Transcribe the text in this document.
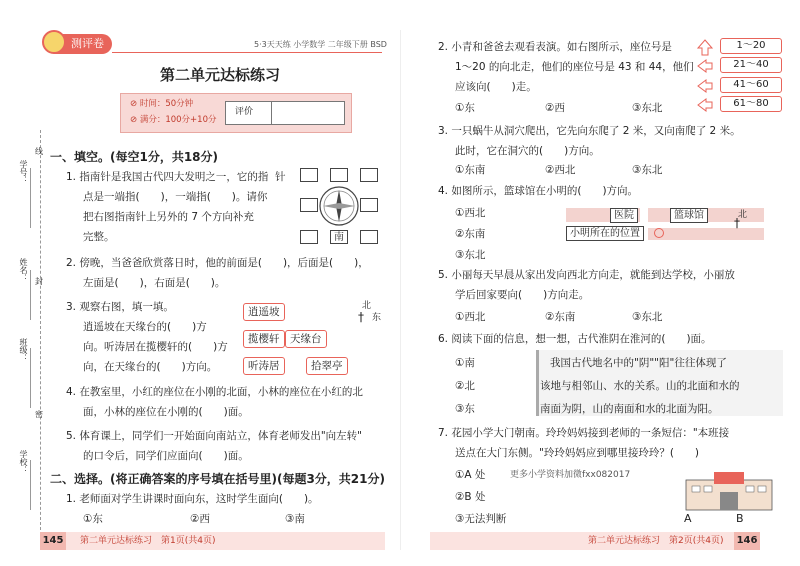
测评卷	5·3天天练 小学数学 二年级下册 BSD
第二单元达标练习
⊘ 时间：50分钟
⊘ 满分：100分+10分
评价
学号：
姓名：
班级：
学校：
线
封
密
一、填空。(每空1分，共18分)
1. 指南针是我国古代四大发明之一，它的指 针
点是一端指(　　)，一端指(　　)。请你
把右图指南针上另外的 7 个方向补充
完整。	南
2. 傍晚，当爸爸欣赏落日时，他的前面是(　　)，后面是(　　)，
左面是(　　)，右面是(　　)。
3. 观察右图，填一填。
逍遥坡在天缘台的(　　)方
向。听涛居在揽樱轩的(　　)方
向，在天缘台的(　　)方向。
逍遥坡
揽樱轩	天缘台
听涛居	拾翠亭
北
† 东
4. 在教室里，小红的座位在小刚的北面，小林的座位在小红的北
面，小林的座位在小刚的(　　)面。
5. 体育课上，同学们一开始面向南站立，体育老师发出"向左转"
的口令后，同学们应面向(　　)面。
二、选择。(将正确答案的序号填在括号里)(每题3分，共21分)
1. 老师面对学生讲课时面向东，这时学生面向(　　)。
①东	②西	③南
145 第二单元达标练习　第1页(共4页)
2. 小青和爸爸去观看表演。如右图所示，座位号是
1～20 的向北走，他们的座位号是 43 和 44，他们
应该向(　　)走。
①东	②西	③东北
1～20
21～40
41～60
61～80
3. 一只蜗牛从洞穴爬出，它先向东爬了 2 米，又向南爬了 2 米。
此时，它在洞穴的(　　)方向。
①东南	②西北	③东北
4. 如图所示，篮球馆在小明的(　　)方向。
①西北
②东南
③东北
医院	篮球馆
小明所在的位置
北
†
5. 小丽每天早晨从家出发向西北方向走，就能到达学校，小丽放
学后回家要向(　　)方向走。
①西北	②东南	③东北
6. 阅读下面的信息，想一想，古代淮阴在淮河的(　　)面。
①南
②北
③东
我国古代地名中的"阴""阳"往往体现了
该地与相邻山、水的关系。山的北面和水的
南面为阴，山的南面和水的北面为阳。
7. 花园小学大门朝南。玲玲妈妈接到老师的一条短信："本班接
送点在大门东侧。"玲玲妈妈应到哪里接玲玲？(　　)
①A 处	更多小学资料加微fxx082017
②B 处
③无法判断	A	B
第二单元达标练习　第2页(共4页) 146
